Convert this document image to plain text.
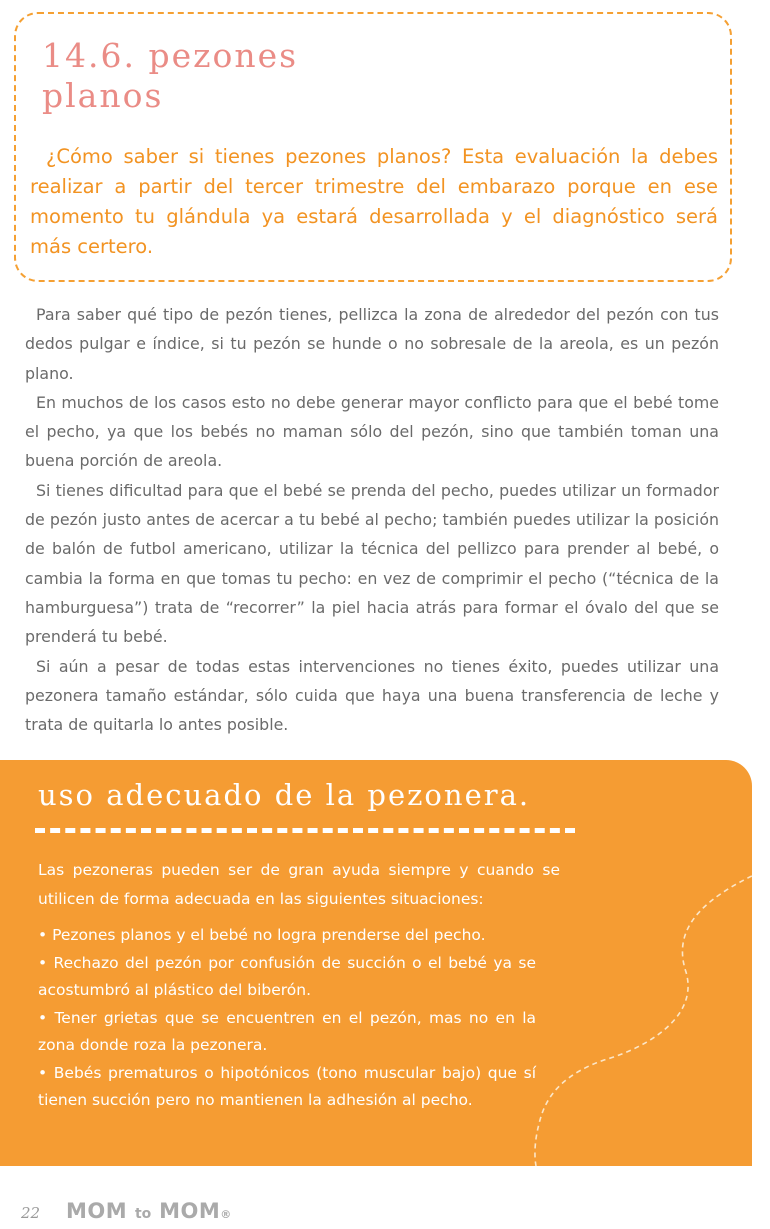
14.6. pezones
planos

¿Cómo saber si tienes pezones planos? Esta evaluación la debes realizar a partir del tercer trimestre del embarazo porque en ese momento tu glándula ya estará desarrollada y el diagnóstico será más certero.

Para saber qué tipo de pezón tienes, pellizca la zona de alrededor del pezón con tus dedos pulgar e índice, si tu pezón se hunde o no sobresale de la areola, es un pezón plano.

En muchos de los casos esto no debe generar mayor conflicto para que el bebé tome el pecho, ya que los bebés no maman sólo del pezón, sino que también toman una buena porción de areola.

Si tienes dificultad para que el bebé se prenda del pecho, puedes utilizar un formador de pezón justo antes de acercar a tu bebé al pecho; también puedes utilizar la posición de balón de futbol americano, utilizar la técnica del pellizco para prender al bebé, o cambia la forma en que tomas tu pecho: en vez de comprimir el pecho (“técnica de la hamburguesa”) trata de “recorrer” la piel hacia atrás para formar el óvalo del que se prenderá tu bebé.

Si aún a pesar de todas estas intervenciones no tienes éxito, puedes utilizar una pezonera tamaño estándar, sólo cuida que haya una buena transferencia de leche y trata de quitarla lo antes posible.

uso adecuado de la pezonera.

Las pezoneras pueden ser de gran ayuda siempre y cuando se utilicen de forma adecuada en las siguientes situaciones:

• Pezones planos y el bebé no logra prenderse del pecho.
• Rechazo del pezón por confusión de succión o el bebé ya se acostumbró al plástico del biberón.
• Tener grietas que se encuentren en el pezón, mas no en la zona donde roza la pezonera.
• Bebés prematuros o hipotónicos (tono muscular bajo) que sí tienen succión pero no mantienen la adhesión al pecho.
22 MOM to MOM®
